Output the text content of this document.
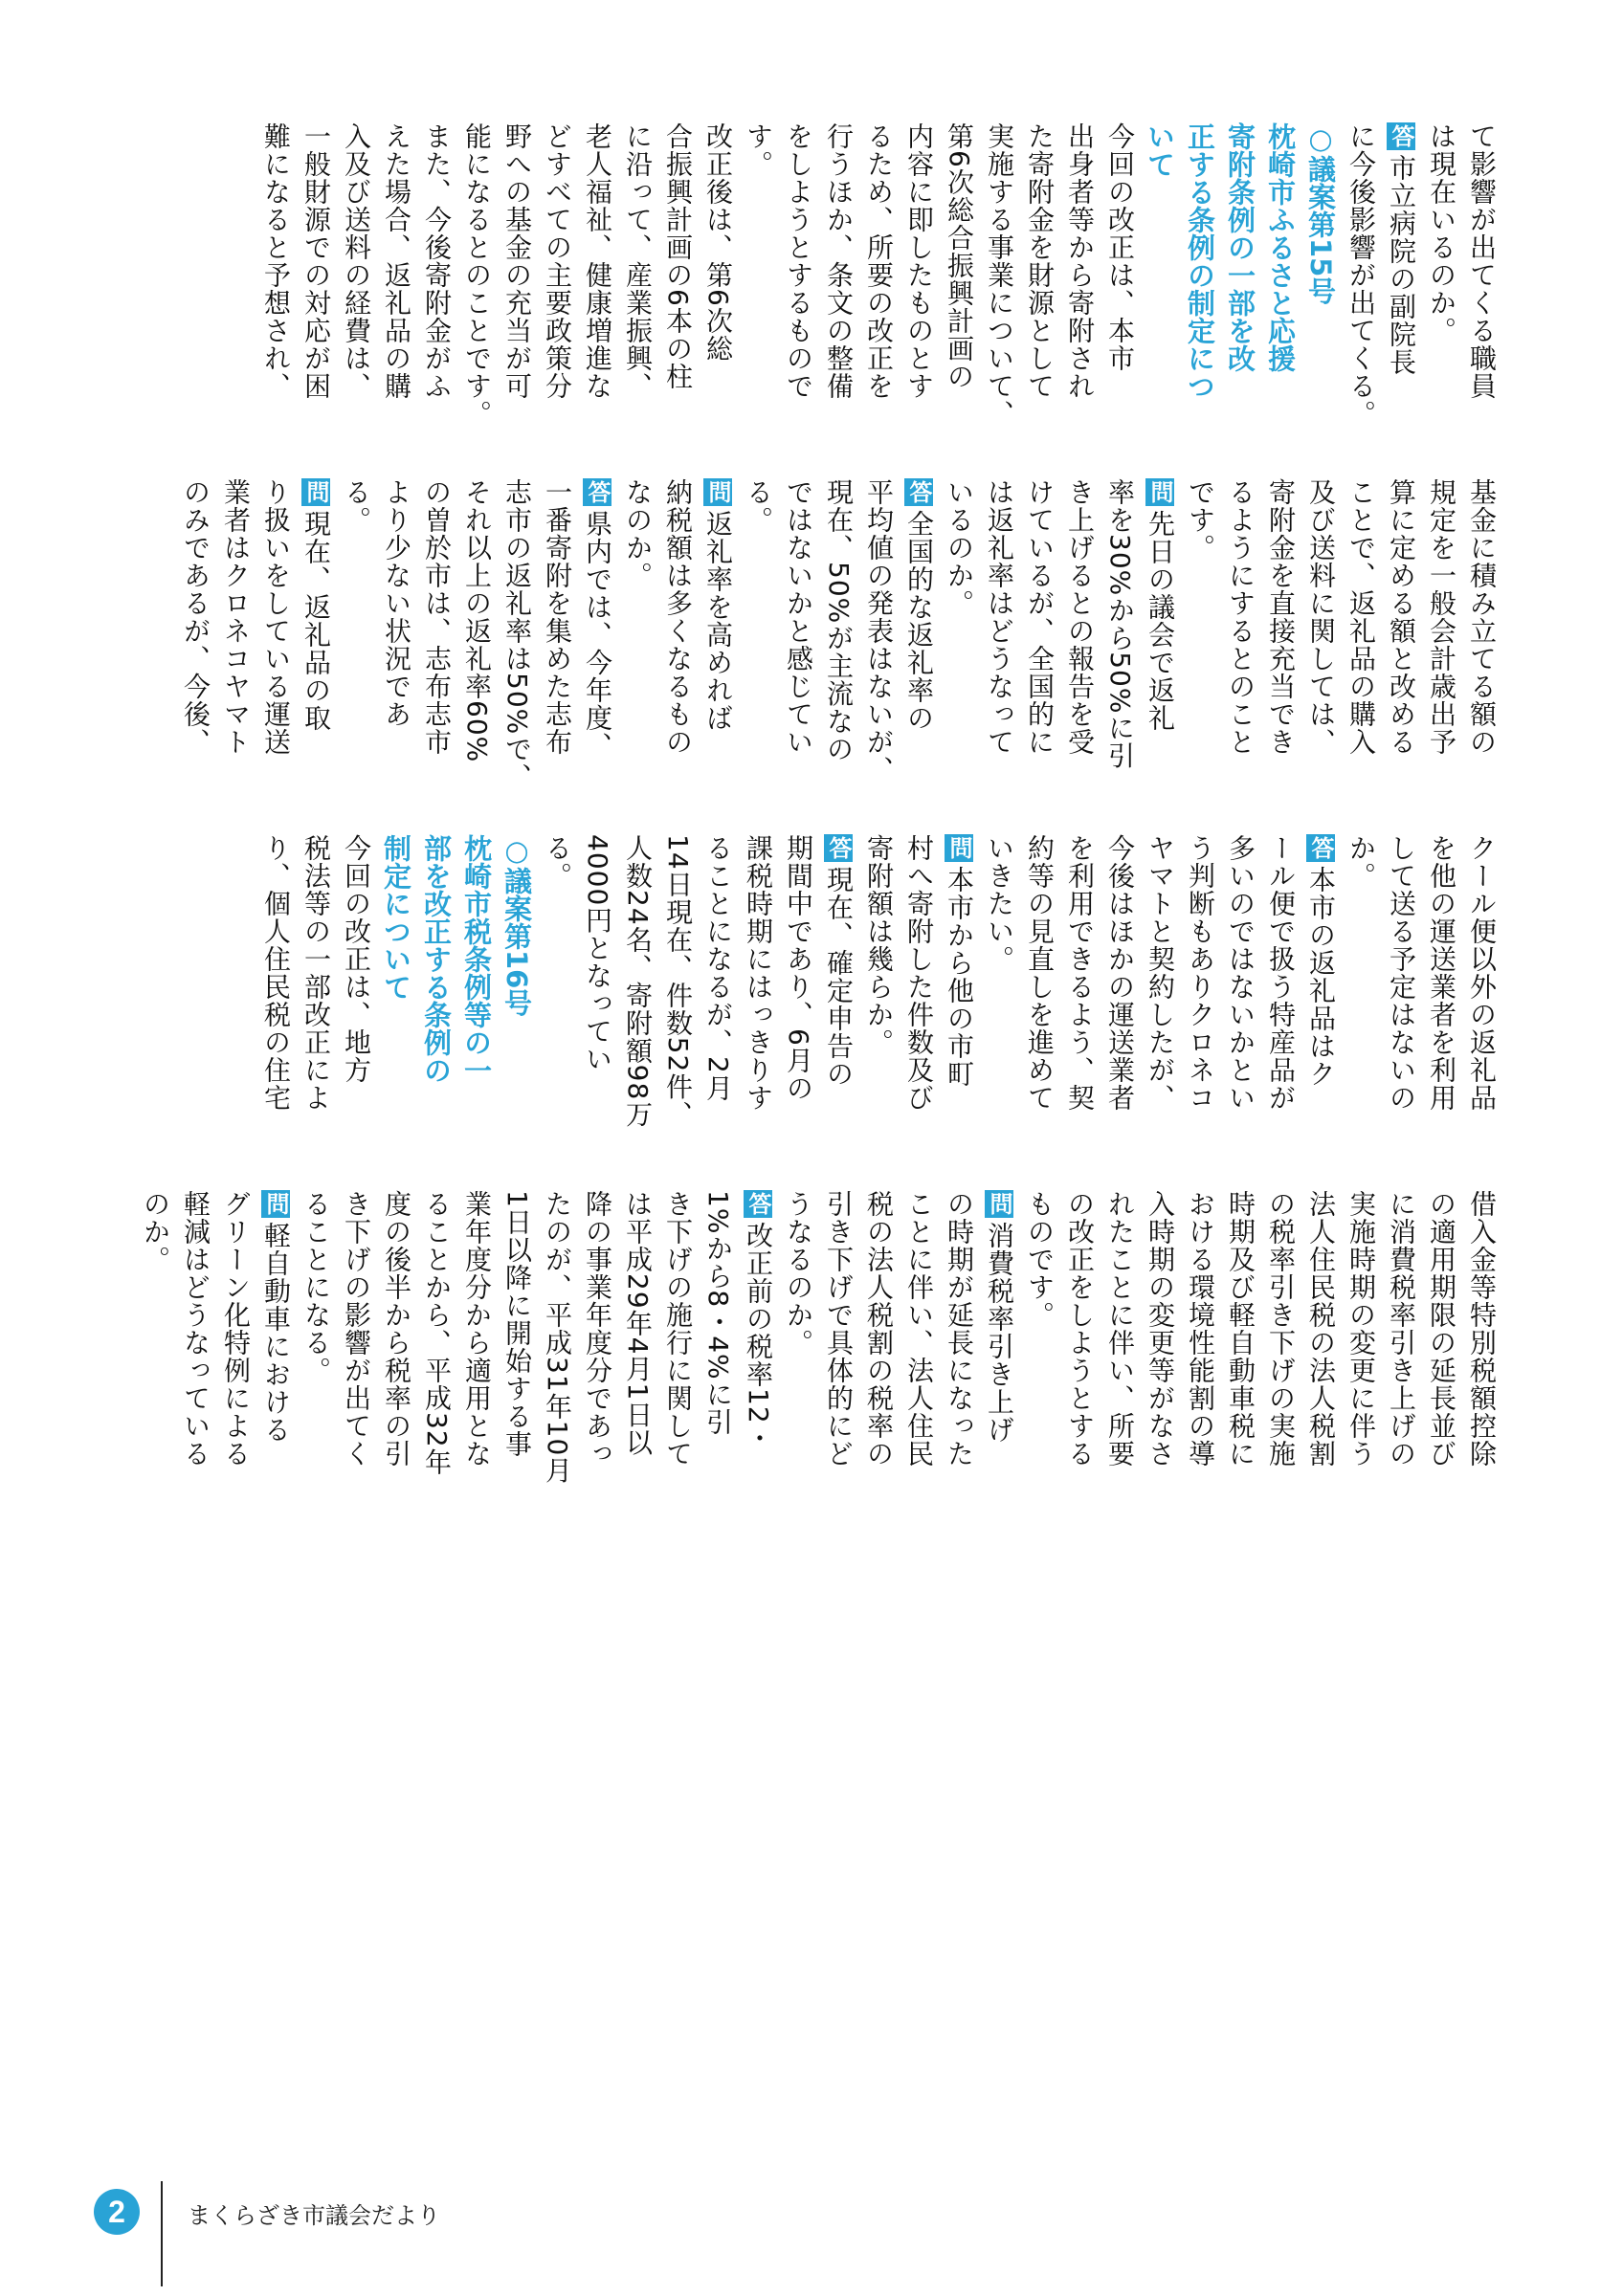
て影響が出てくる職員
は現在いるのか。
答市立病院の副院長
に今後影響が出てくる。
○議案第15号
枕崎市ふるさと応援
寄附条例の一部を改
正する条例の制定につ
いて
今回の改正は、本市
出身者等から寄附され
た寄附金を財源として
実施する事業について、
第6次総合振興計画の
内容に即したものとす
るため、所要の改正を
行うほか、条文の整備
をしようとするもので
す。
改正後は、第6次総
合振興計画の6本の柱
に沿って、産業振興、
老人福祉、健康増進な
どすべての主要政策分
野への基金の充当が可
能になるとのことです。
また、今後寄附金がふ
えた場合、返礼品の購
入及び送料の経費は、
一般財源での対応が困
難になると予想され、
基金に積み立てる額の
規定を一般会計歳出予
算に定める額と改める
ことで、返礼品の購入
及び送料に関しては、
寄附金を直接充当でき
るようにするとのこと
です。
問先日の議会で返礼
率を30%から50%に引
き上げるとの報告を受
けているが、全国的に
は返礼率はどうなって
いるのか。
答全国的な返礼率の
平均値の発表はないが、
現在、50%が主流なの
ではないかと感じてい
る。
問返礼率を高めれば
納税額は多くなるもの
なのか。
答県内では、今年度、
一番寄附を集めた志布
志市の返礼率は50%で、
それ以上の返礼率60%
の曽於市は、志布志市
より少ない状況であ
る。
問現在、返礼品の取
り扱いをしている運送
業者はクロネコヤマト
のみであるが、今後、
クール便以外の返礼品
を他の運送業者を利用
して送る予定はないの
か。
答本市の返礼品はク
ール便で扱う特産品が
多いのではないかとい
う判断もありクロネコ
ヤマトと契約したが、
今後はほかの運送業者
を利用できるよう、契
約等の見直しを進めて
いきたい。
問本市から他の市町
村へ寄附した件数及び
寄附額は幾らか。
答現在、確定申告の
期間中であり、6月の
課税時期にはっきりす
ることになるが、2月
14日現在、件数52件、
人数24名、寄附額98万
4000円となってい
る。
○議案第16号
枕崎市税条例等の一
部を改正する条例の
制定について
今回の改正は、地方
税法等の一部改正によ
り、個人住民税の住宅
借入金等特別税額控除
の適用期限の延長並び
に消費税率引き上げの
実施時期の変更に伴う
法人住民税の法人税割
の税率引き下げの実施
時期及び軽自動車税に
おける環境性能割の導
入時期の変更等がなさ
れたことに伴い、所要
の改正をしようとする
ものです。
問消費税率引き上げ
の時期が延長になった
ことに伴い、法人住民
税の法人税割の税率の
引き下げで具体的にど
うなるのか。
答改正前の税率12・
1%から8・4%に引
き下げの施行に関して
は平成29年4月1日以
降の事業年度分であっ
たのが、平成31年10月
1日以降に開始する事
業年度分から適用とな
ることから、平成32年
度の後半から税率の引
き下げの影響が出てく
ることになる。
問軽自動車における
グリーン化特例による
軽減はどうなっている
のか。
2	まくらざき市議会だより
